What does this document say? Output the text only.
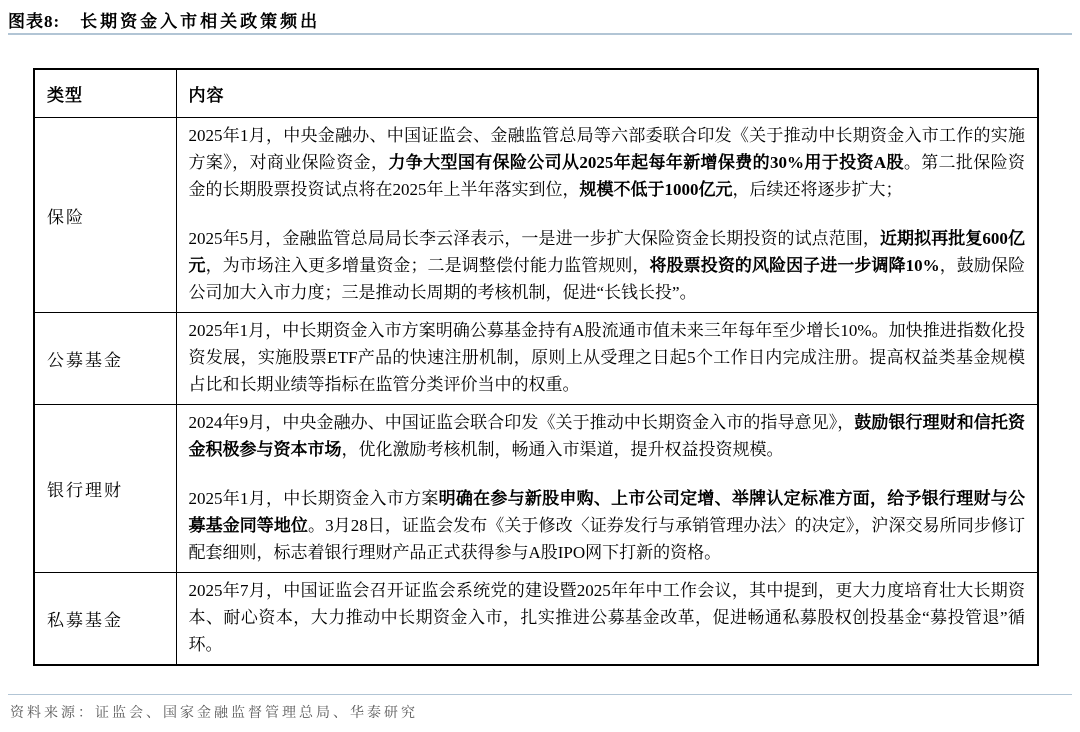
图表8: 长期资金入市相关政策频出
类型	内容
保险	2025年1月，中央金融办、中国证监会、金融监管总局等六部委联合印发《关于推动中长期资金入市工作的实施方案》，对商业保险资金，力争大型国有保险公司从2025年起每年新增保费的30%用于投资A股。第二批保险资金的长期股票投资试点将在2025年上半年落实到位，规模不低于1000亿元，后续还将逐步扩大；

2025年5月，金融监管总局局长李云泽表示，一是进一步扩大保险资金长期投资的试点范围，近期拟再批复600亿元，为市场注入更多增量资金；二是调整偿付能力监管规则，将股票投资的风险因子进一步调降10%，鼓励保险公司加大入市力度；三是推动长周期的考核机制，促进“长钱长投”。

公募基金	2025年1月，中长期资金入市方案明确公募基金持有A股流通市值未来三年每年至少增长10%。加快推进指数化投资发展，实施股票ETF产品的快速注册机制，原则上从受理之日起5个工作日内完成注册。提高权益类基金规模占比和长期业绩等指标在监管分类评价当中的权重。

银行理财	2024年9月，中央金融办、中国证监会联合印发《关于推动中长期资金入市的指导意见》，鼓励银行理财和信托资金积极参与资本市场，优化激励考核机制，畅通入市渠道，提升权益投资规模。

2025年1月，中长期资金入市方案明确在参与新股申购、上市公司定增、举牌认定标准方面，给予银行理财与公募基金同等地位。3月28日，证监会发布《关于修改〈证券发行与承销管理办法〉的决定》，沪深交易所同步修订配套细则，标志着银行理财产品正式获得参与A股IPO网下打新的资格。

私募基金	2025年7月，中国证监会召开证监会系统党的建设暨2025年年中工作会议，其中提到，更大力度培育壮大长期资本、耐心资本，大力推动中长期资金入市，扎实推进公募基金改革，促进畅通私募股权创投基金“募投管退”循环。

资料来源：证监会、国家金融监督管理总局、华泰研究
